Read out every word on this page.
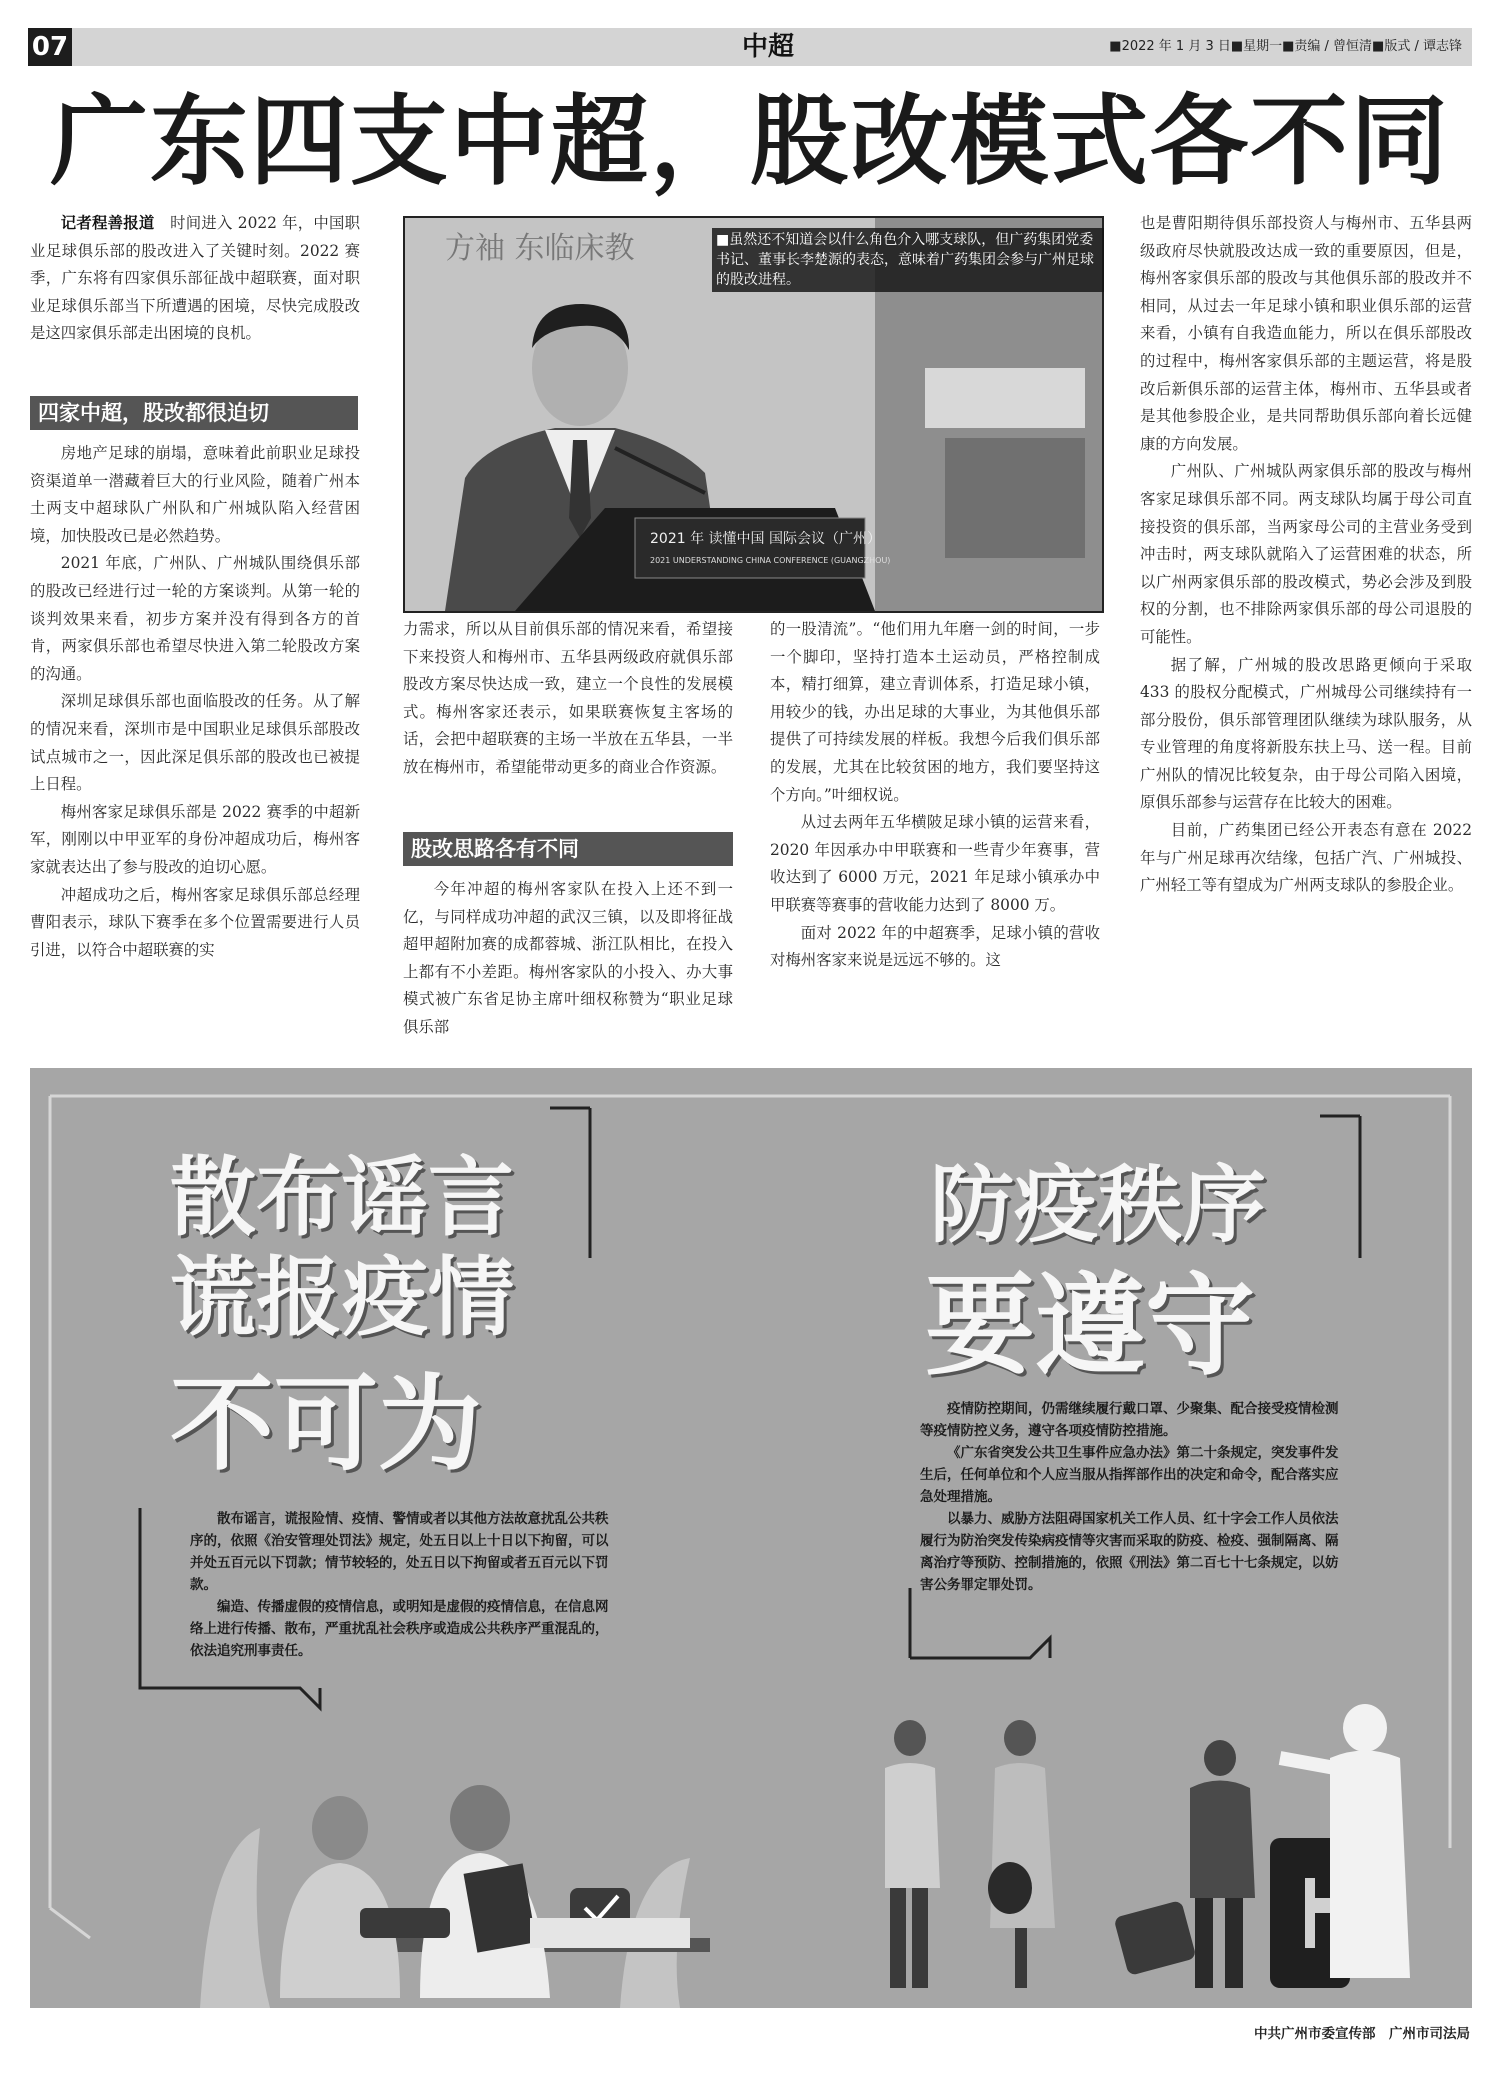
07	中超	■2022 年 1 月 3 日■星期一■责编 / 曾恒清■版式 / 谭志锋
广东四支中超，股改模式各不同

记者程善报道　 时间进入 2022 年，中国职业足球俱乐部的股改进入了关键时刻。2022 赛季，广东将有四家俱乐部征战中超联赛，面对职业足球俱乐部当下所遭遇的困境，尽快完成股改是这四家俱乐部走出困境的良机。

四家中超，股改都很迫切

房地产足球的崩塌，意味着此前职业足球投资渠道单一潜藏着巨大的行业风险，随着广州本土两支中超球队广州队和广州城队陷入经营困境，加快股改已是必然趋势。

2021 年底，广州队、广州城队围绕俱乐部的股改已经进行过一轮的方案谈判。从第一轮的谈判效果来看，初步方案并没有得到各方的首肯，两家俱乐部也希望尽快进入第二轮股改方案的沟通。

深圳足球俱乐部也面临股改的任务。从了解的情况来看，深圳市是中国职业足球俱乐部股改试点城市之一，因此深足俱乐部的股改也已被提上日程。

梅州客家足球俱乐部是 2022 赛季的中超新军，刚刚以中甲亚军的身份冲超成功后，梅州客家就表达出了参与股改的迫切心愿。

冲超成功之后，梅州客家足球俱乐部总经理曹阳表示，球队下赛季在多个位置需要进行人员引进，以符合中超联赛的实

方袖 东临床教
2021 年 读懂中国 国际会议（广州）
2021 UNDERSTANDING CHINA CONFERENCE (GUANGZHOU)
■虽然还不知道会以什么角色介入哪支球队，但广药集团党委书记、董事长李楚源的表态，意味着广药集团会参与广州足球的股改进程。

力需求，所以从目前俱乐部的情况来看，希望接下来投资人和梅州市、五华县两级政府就俱乐部股改方案尽快达成一致，建立一个良性的发展模式。梅州客家还表示，如果联赛恢复主客场的话，会把中超联赛的主场一半放在五华县，一半放在梅州市，希望能带动更多的商业合作资源。

股改思路各有不同

今年冲超的梅州客家队在投入上还不到一亿，与同样成功冲超的武汉三镇，以及即将征战超甲超附加赛的成都蓉城、浙江队相比，在投入上都有不小差距。梅州客家队的小投入、办大事模式被广东省足协主席叶细权称赞为“职业足球俱乐部

的一股清流”。“他们用九年磨一剑的时间，一步一个脚印，坚持打造本土运动员，严格控制成本，精打细算，建立青训体系，打造足球小镇，用较少的钱，办出足球的大事业，为其他俱乐部提供了可持续发展的样板。我想今后我们俱乐部的发展，尤其在比较贫困的地方，我们要坚持这个方向。”叶细权说。

从过去两年五华横陂足球小镇的运营来看，2020 年因承办中甲联赛和一些青少年赛事，营收达到了 6000 万元，2021 年足球小镇承办中甲联赛等赛事的营收能力达到了 8000 万。

面对 2022 年的中超赛季，足球小镇的营收对梅州客家来说是远远不够的。这

也是曹阳期待俱乐部投资人与梅州市、五华县两级政府尽快就股改达成一致的重要原因，但是，梅州客家俱乐部的股改与其他俱乐部的股改并不相同，从过去一年足球小镇和职业俱乐部的运营来看，小镇有自我造血能力，所以在俱乐部股改的过程中，梅州客家俱乐部的主题运营，将是股改后新俱乐部的运营主体，梅州市、五华县或者是其他参股企业，是共同帮助俱乐部向着长远健康的方向发展。

广州队、广州城队两家俱乐部的股改与梅州客家足球俱乐部不同。两支球队均属于母公司直接投资的俱乐部，当两家母公司的主营业务受到冲击时，两支球队就陷入了运营困难的状态，所以广州两家俱乐部的股改模式，势必会涉及到股权的分割，也不排除两家俱乐部的母公司退股的可能性。

据了解，广州城的股改思路更倾向于采取 433 的股权分配模式，广州城母公司继续持有一部分股份，俱乐部管理团队继续为球队服务，从专业管理的角度将新股东扶上马、送一程。目前广州队的情况比较复杂，由于母公司陷入困境，原俱乐部参与运营存在比较大的困难。

目前，广药集团已经公开表态有意在 2022 年与广州足球再次结缘，包括广汽、广州城投、广州轻工等有望成为广州两支球队的参股企业。

散布谣言
谎报疫情
不可为

散布谣言，谎报险情、疫情、警情或者以其他方法故意扰乱公共秩序的，依照《治安管理处罚法》规定，处五日以上十日以下拘留，可以并处五百元以下罚款；情节较轻的，处五日以下拘留或者五百元以下罚款。

编造、传播虚假的疫情信息，或明知是虚假的疫情信息，在信息网络上进行传播、散布，严重扰乱社会秩序或造成公共秩序严重混乱的，依法追究刑事责任。

防疫秩序
要遵守

疫情防控期间，仍需继续履行戴口罩、少聚集、配合接受疫情检测等疫情防控义务，遵守各项疫情防控措施。

《广东省突发公共卫生事件应急办法》第二十条规定，突发事件发生后，任何单位和个人应当服从指挥部作出的决定和命令，配合落实应急处理措施。

以暴力、威胁方法阻碍国家机关工作人员、红十字会工作人员依法履行为防治突发传染病疫情等灾害而采取的防疫、检疫、强制隔离、隔离治疗等预防、控制措施的，依照《刑法》第二百七十七条规定，以妨害公务罪定罪处罚。

中共广州市委宣传部　广州市司法局
